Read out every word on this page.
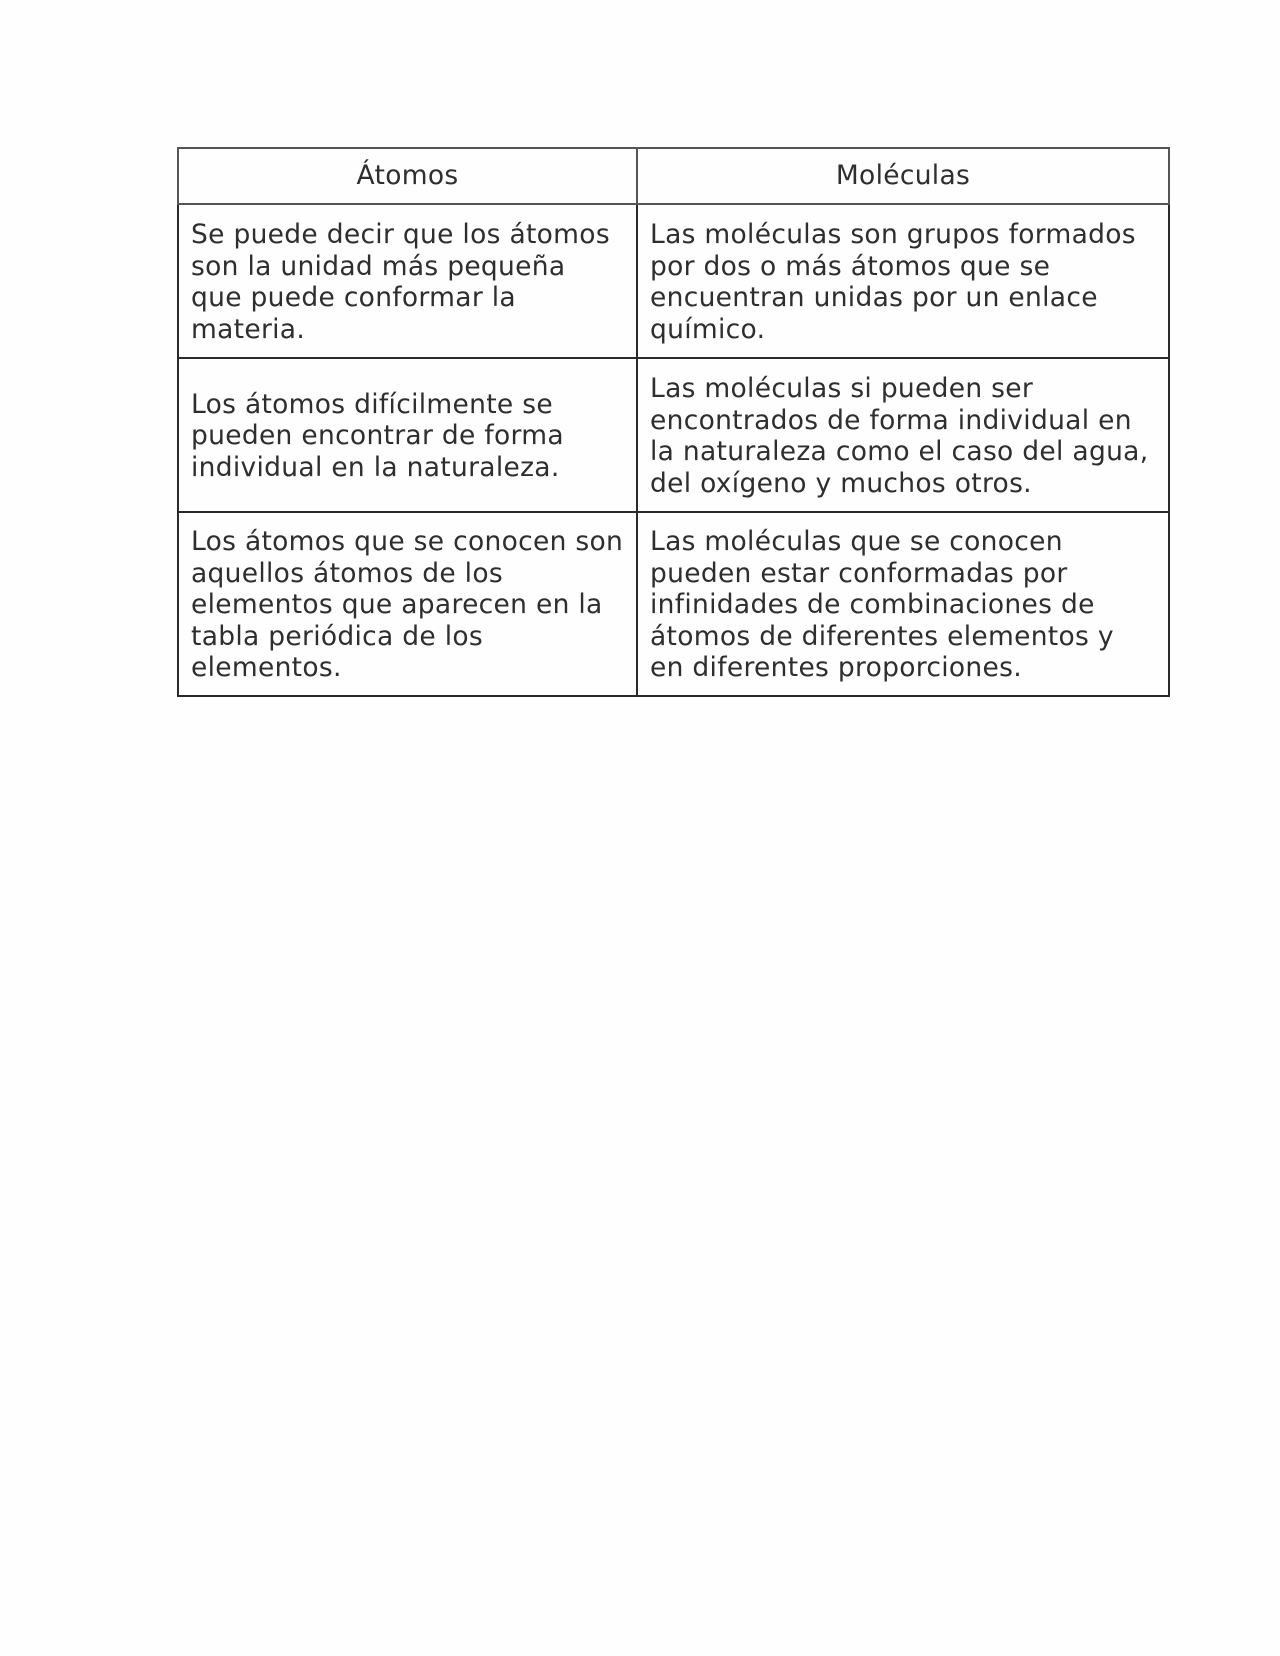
Átomos	Moléculas
Se puede decir que los átomos son la unidad más pequeña que puede conformar la materia.	Las moléculas son grupos formados por dos o más átomos que se encuentran unidas por un enlace químico.
Los átomos difícilmente se pueden encontrar de forma individual en la naturaleza.	Las moléculas si pueden ser encontrados de forma individual en la naturaleza como el caso del agua, del oxígeno y muchos otros.
Los átomos que se conocen son aquellos átomos de los elementos que aparecen en la tabla periódica de los elementos.	Las moléculas que se conocen pueden estar conformadas por infinidades de combinaciones de átomos de diferentes elementos y en diferentes proporciones.
